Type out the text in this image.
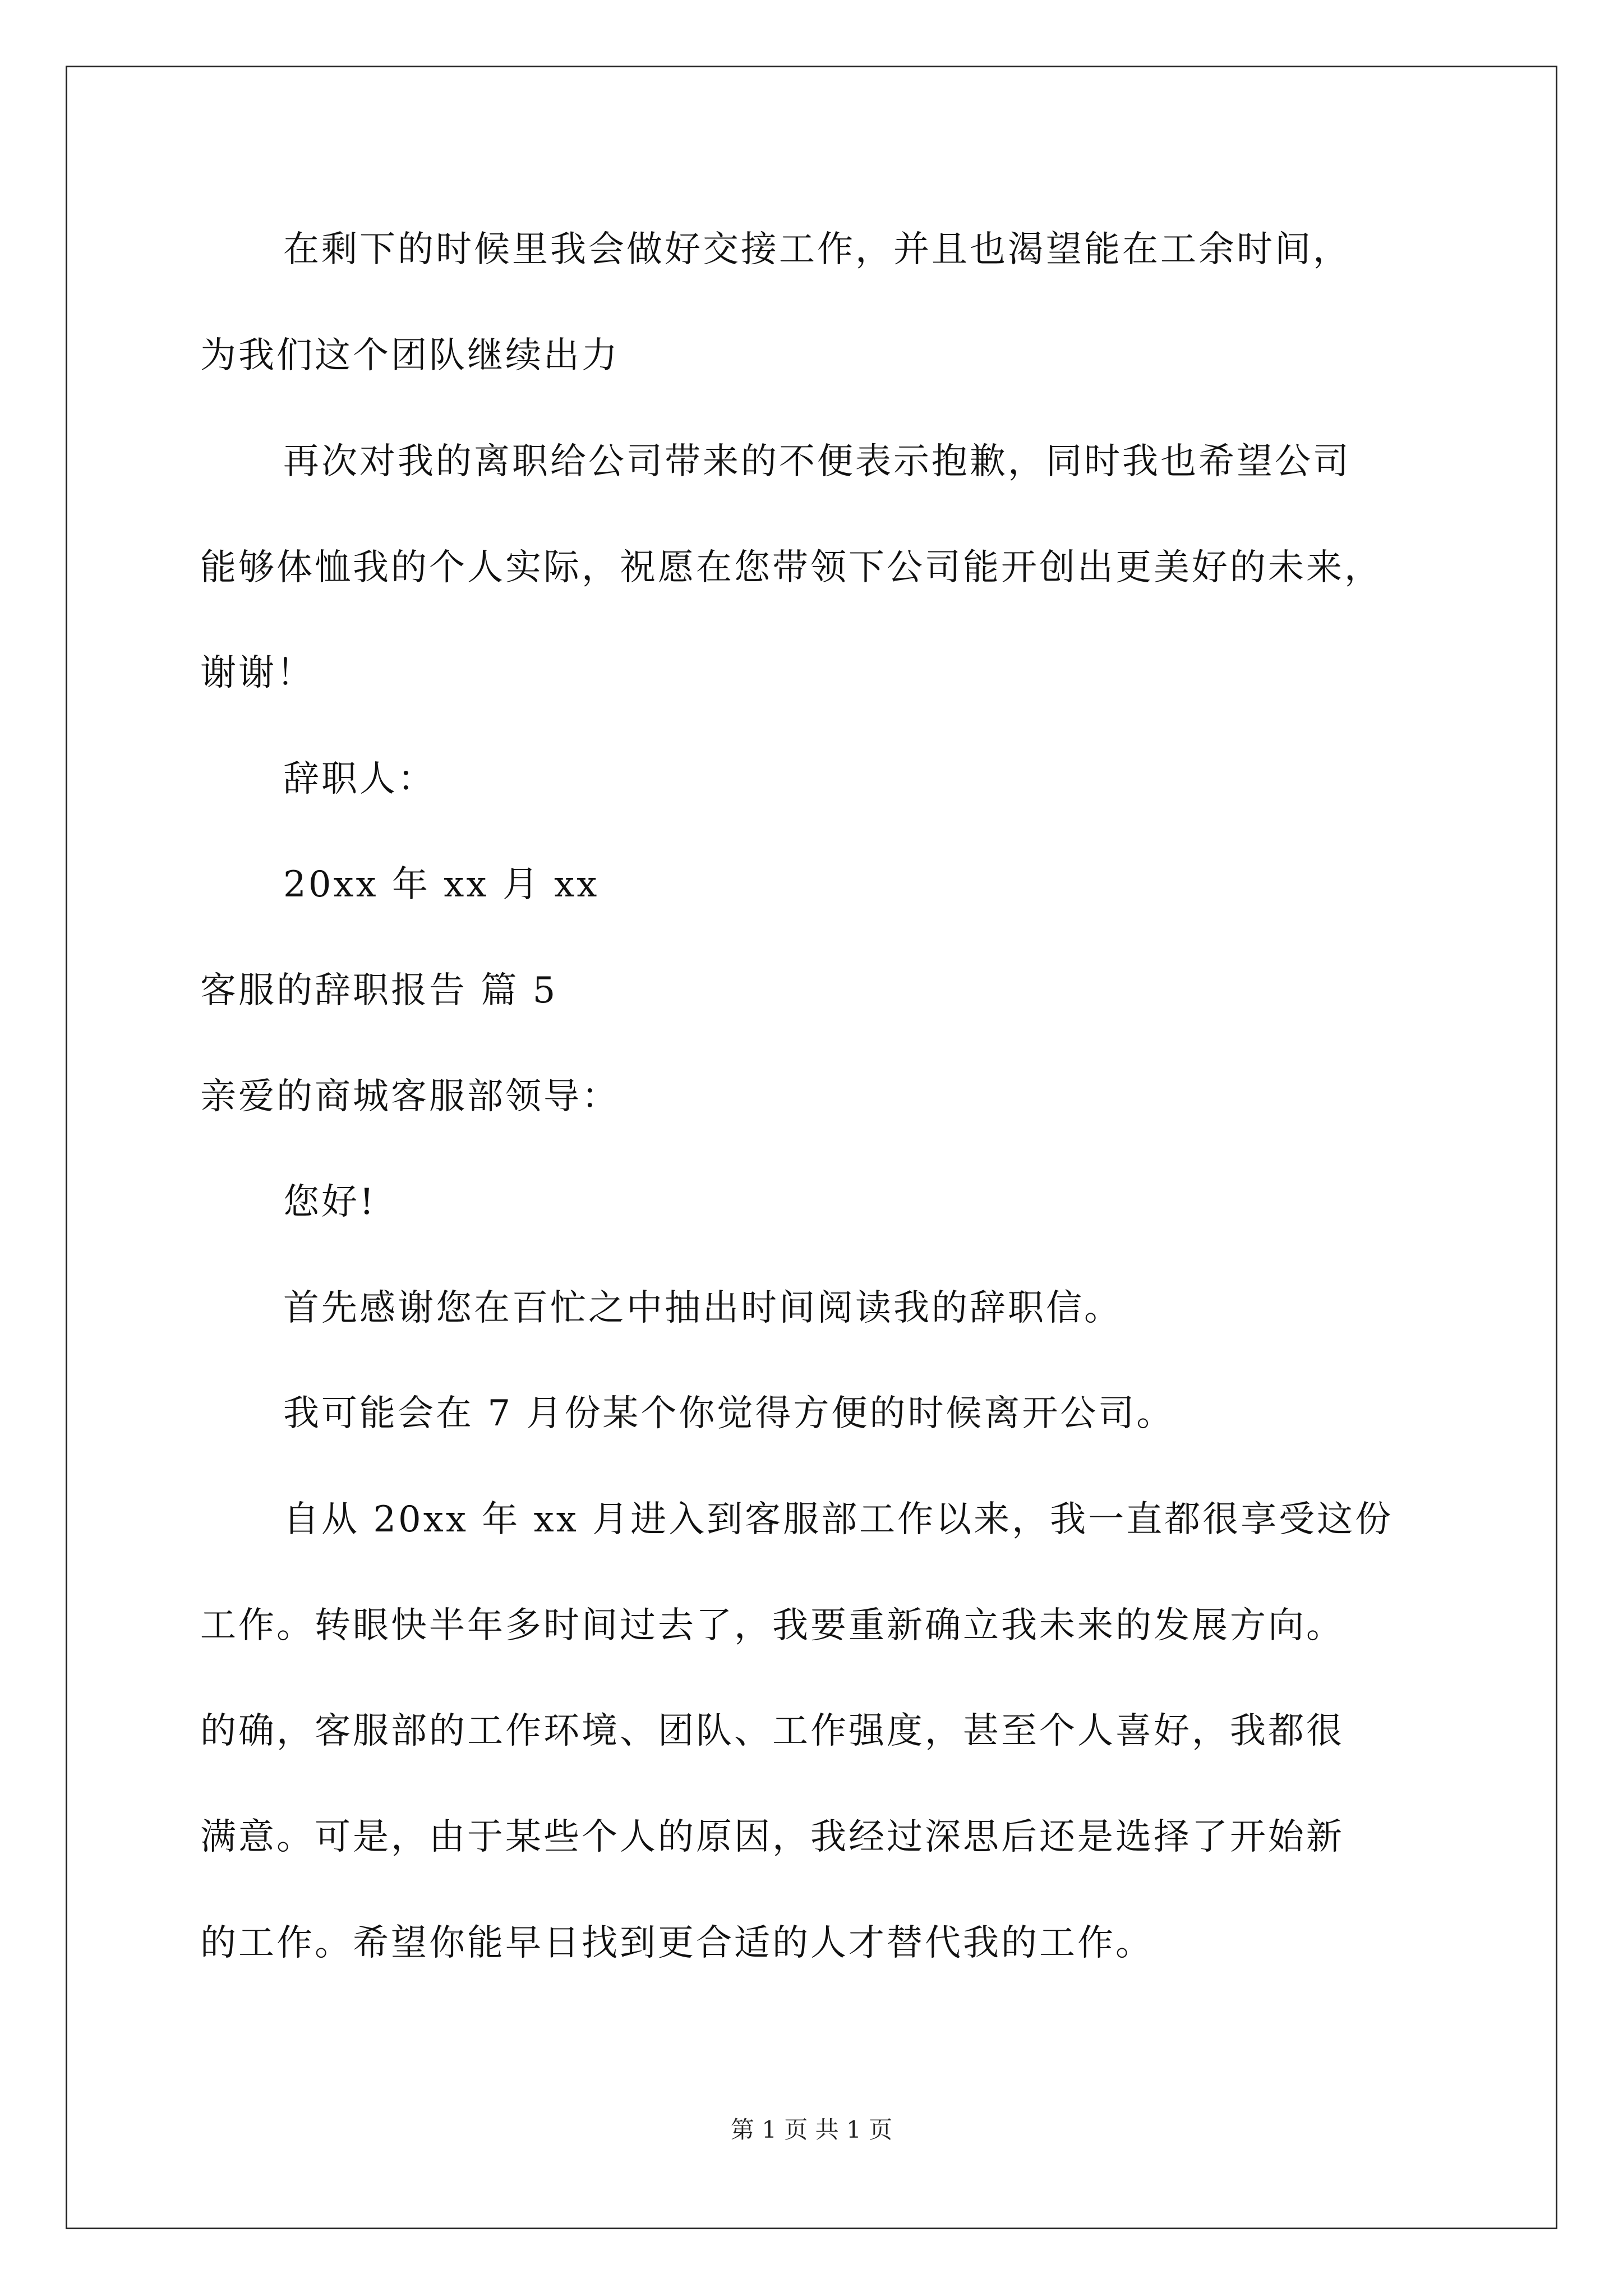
在剩下的时候里我会做好交接工作，并且也渴望能在工余时间，
为我们这个团队继续出力
再次对我的离职给公司带来的不便表示抱歉，同时我也希望公司
能够体恤我的个人实际，祝愿在您带领下公司能开创出更美好的未来，
谢谢！
辞职人：
20xx 年 xx 月 xx
客服的辞职报告 篇 5
亲爱的商城客服部领导：
您好!
首先感谢您在百忙之中抽出时间阅读我的辞职信。
我可能会在 7 月份某个你觉得方便的时候离开公司。
自从 20xx 年 xx 月进入到客服部工作以来，我一直都很享受这份
工作。转眼快半年多时间过去了，我要重新确立我未来的发展方向。
的确，客服部的工作环境、团队、工作强度，甚至个人喜好，我都很
满意。可是，由于某些个人的原因，我经过深思后还是选择了开始新
的工作。希望你能早日找到更合适的人才替代我的工作。
第 1 页 共 1 页
